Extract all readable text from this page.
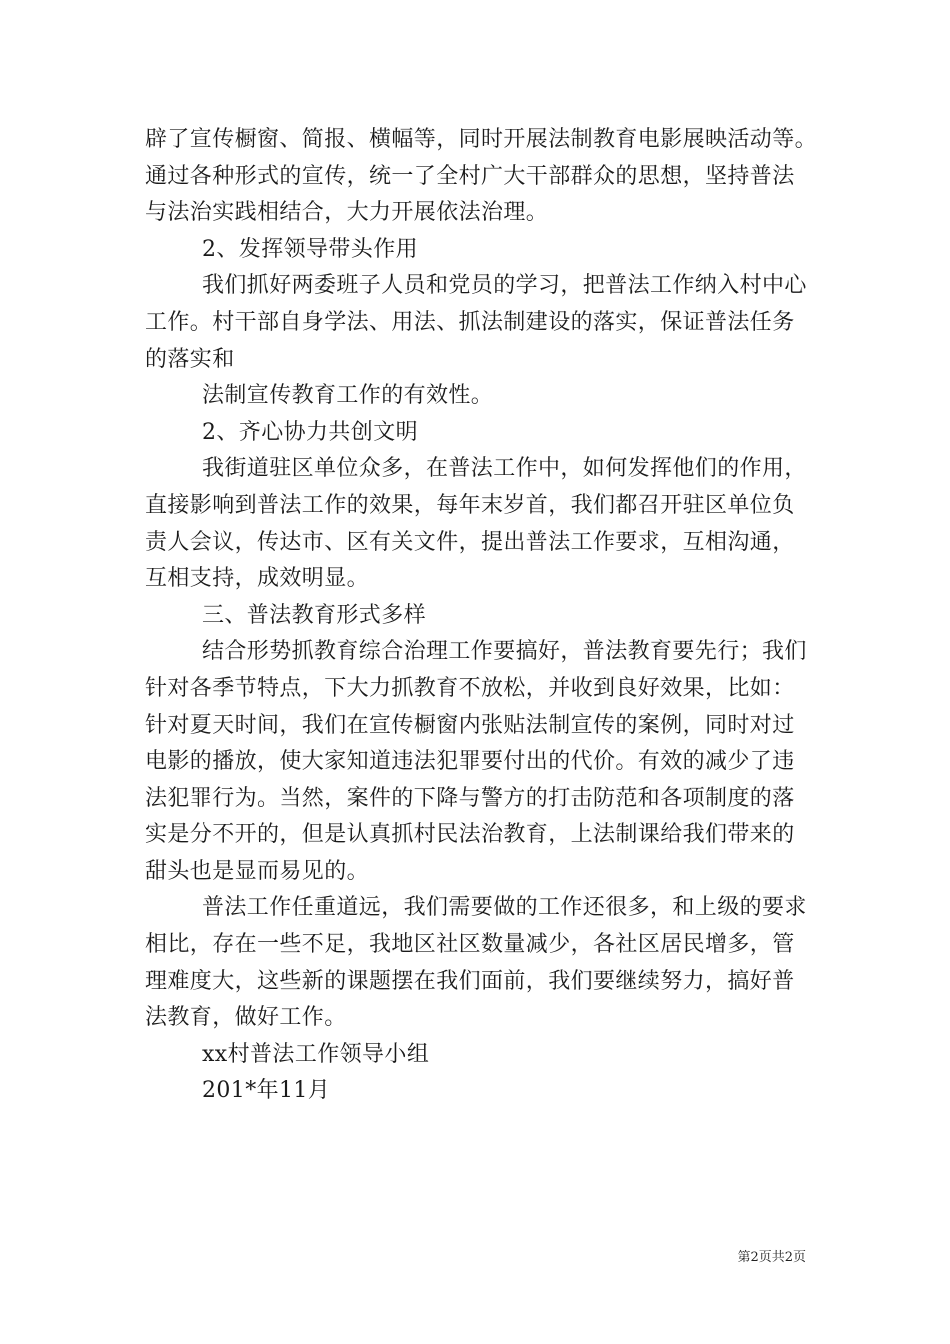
辟了宣传橱窗、简报、横幅等，同时开展法制教育电影展映活动等。
通过各种形式的宣传，统一了全村广大干部群众的思想，坚持普法
与法治实践相结合，大力开展依法治理。
2、发挥领导带头作用
我们抓好两委班子人员和党员的学习，把普法工作纳入村中心
工作。村干部自身学法、用法、抓法制建设的落实，保证普法任务
的落实和
法制宣传教育工作的有效性。
2、齐心协力共创文明
我街道驻区单位众多，在普法工作中，如何发挥他们的作用，
直接影响到普法工作的效果，每年末岁首，我们都召开驻区单位负
责人会议，传达市、区有关文件，提出普法工作要求，互相沟通，
互相支持，成效明显。
三、普法教育形式多样
结合形势抓教育综合治理工作要搞好，普法教育要先行；我们
针对各季节特点，下大力抓教育不放松，并收到良好效果，比如：
针对夏天时间，我们在宣传橱窗内张贴法制宣传的案例，同时对过
电影的播放，使大家知道违法犯罪要付出的代价。有效的减少了违
法犯罪行为。当然，案件的下降与警方的打击防范和各项制度的落
实是分不开的，但是认真抓村民法治教育，上法制课给我们带来的
甜头也是显而易见的。
普法工作任重道远，我们需要做的工作还很多，和上级的要求
相比，存在一些不足，我地区社区数量减少，各社区居民增多，管
理难度大，这些新的课题摆在我们面前，我们要继续努力，搞好普
法教育，做好工作。
xx村普法工作领导小组
201*年11月
第2页共2页
